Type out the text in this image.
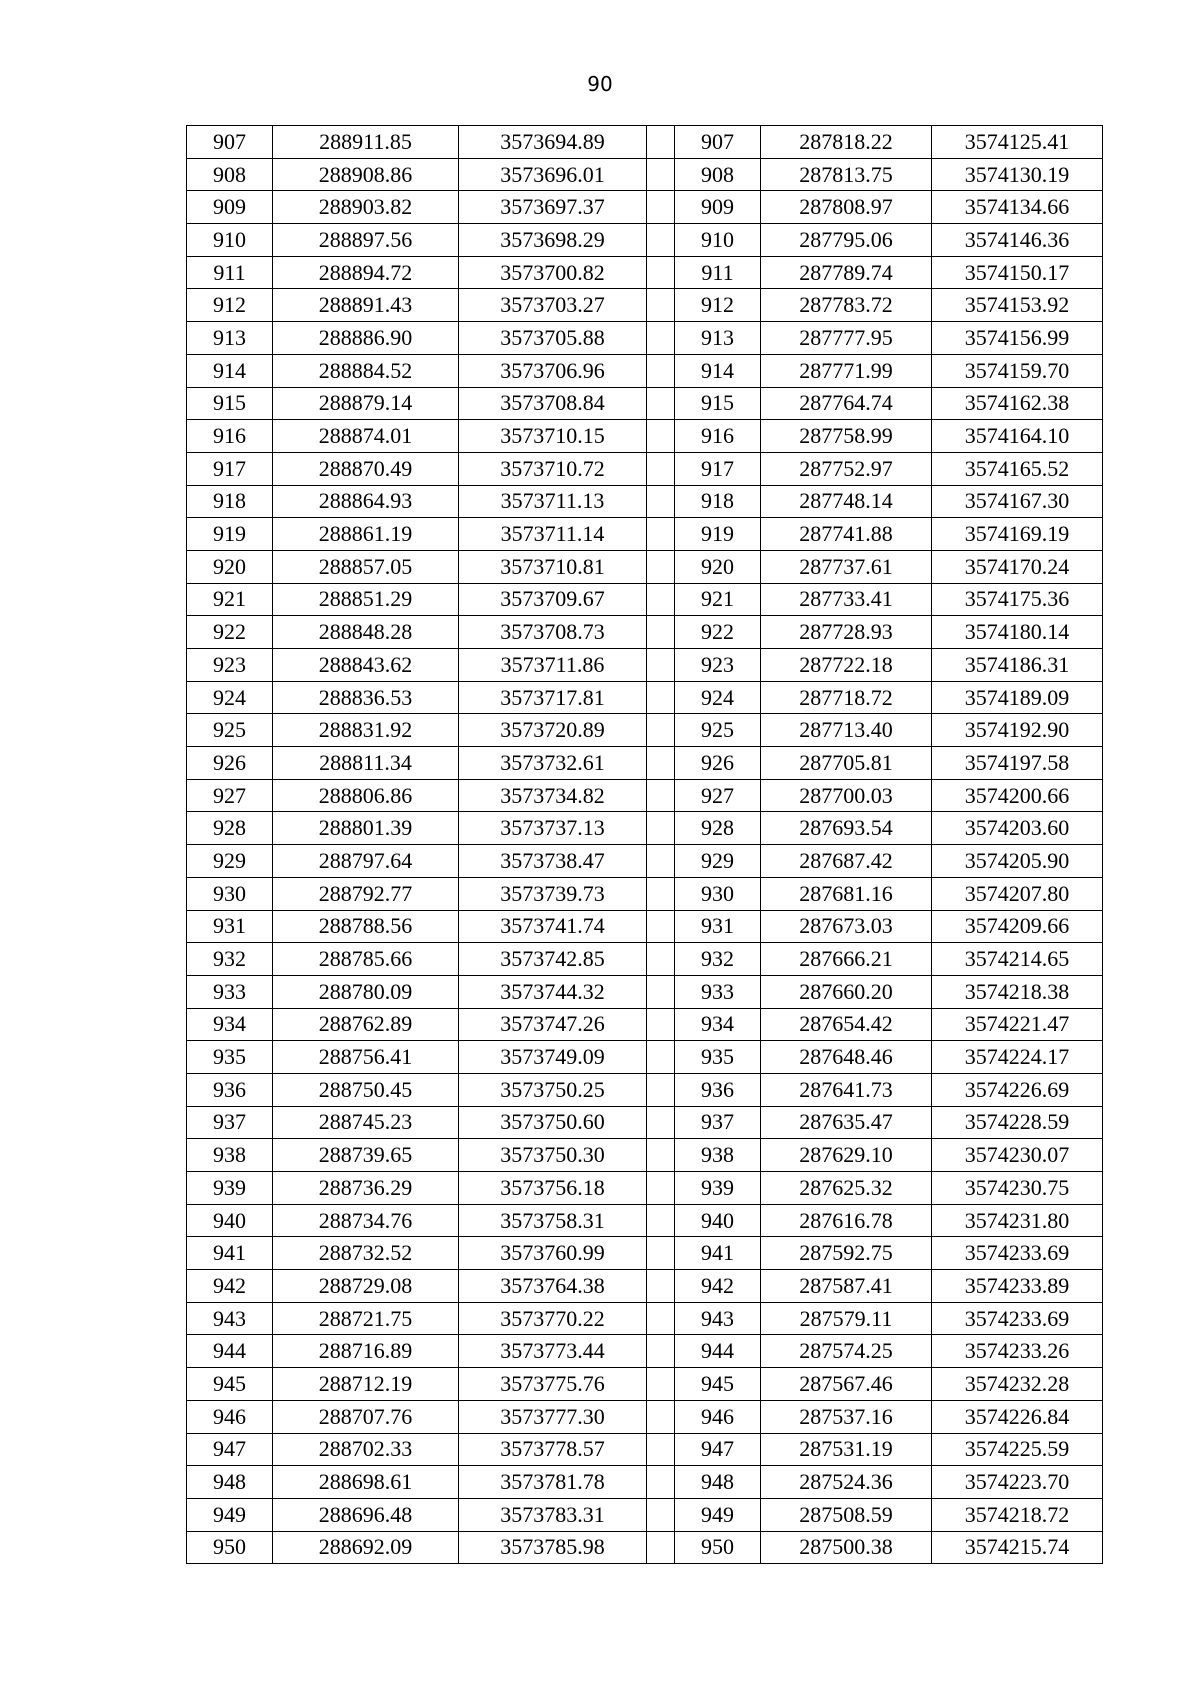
90
907	288911.85	3573694.89		907	287818.22	3574125.41
908	288908.86	3573696.01		908	287813.75	3574130.19
909	288903.82	3573697.37		909	287808.97	3574134.66
910	288897.56	3573698.29		910	287795.06	3574146.36
911	288894.72	3573700.82		911	287789.74	3574150.17
912	288891.43	3573703.27		912	287783.72	3574153.92
913	288886.90	3573705.88		913	287777.95	3574156.99
914	288884.52	3573706.96		914	287771.99	3574159.70
915	288879.14	3573708.84		915	287764.74	3574162.38
916	288874.01	3573710.15		916	287758.99	3574164.10
917	288870.49	3573710.72		917	287752.97	3574165.52
918	288864.93	3573711.13		918	287748.14	3574167.30
919	288861.19	3573711.14		919	287741.88	3574169.19
920	288857.05	3573710.81		920	287737.61	3574170.24
921	288851.29	3573709.67		921	287733.41	3574175.36
922	288848.28	3573708.73		922	287728.93	3574180.14
923	288843.62	3573711.86		923	287722.18	3574186.31
924	288836.53	3573717.81		924	287718.72	3574189.09
925	288831.92	3573720.89		925	287713.40	3574192.90
926	288811.34	3573732.61		926	287705.81	3574197.58
927	288806.86	3573734.82		927	287700.03	3574200.66
928	288801.39	3573737.13		928	287693.54	3574203.60
929	288797.64	3573738.47		929	287687.42	3574205.90
930	288792.77	3573739.73		930	287681.16	3574207.80
931	288788.56	3573741.74		931	287673.03	3574209.66
932	288785.66	3573742.85		932	287666.21	3574214.65
933	288780.09	3573744.32		933	287660.20	3574218.38
934	288762.89	3573747.26		934	287654.42	3574221.47
935	288756.41	3573749.09		935	287648.46	3574224.17
936	288750.45	3573750.25		936	287641.73	3574226.69
937	288745.23	3573750.60		937	287635.47	3574228.59
938	288739.65	3573750.30		938	287629.10	3574230.07
939	288736.29	3573756.18		939	287625.32	3574230.75
940	288734.76	3573758.31		940	287616.78	3574231.80
941	288732.52	3573760.99		941	287592.75	3574233.69
942	288729.08	3573764.38		942	287587.41	3574233.89
943	288721.75	3573770.22		943	287579.11	3574233.69
944	288716.89	3573773.44		944	287574.25	3574233.26
945	288712.19	3573775.76		945	287567.46	3574232.28
946	288707.76	3573777.30		946	287537.16	3574226.84
947	288702.33	3573778.57		947	287531.19	3574225.59
948	288698.61	3573781.78		948	287524.36	3574223.70
949	288696.48	3573783.31		949	287508.59	3574218.72
950	288692.09	3573785.98		950	287500.38	3574215.74
